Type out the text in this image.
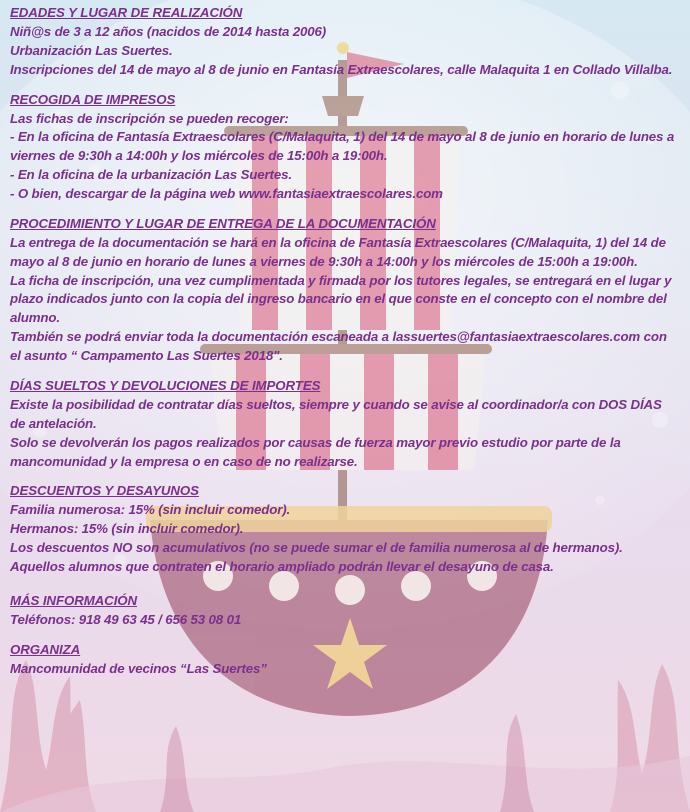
EDADES Y LUGAR DE REALIZACIÓN
Niñ@s de 3 a 12 años (nacidos de 2014 hasta 2006)
Urbanización Las Suertes.
Inscripciones del 14 de mayo al 8 de junio en Fantasía Extraescolares, calle Malaquita 1 en Collado Villalba.
RECOGIDA DE IMPRESOS
Las fichas de inscripción se pueden recoger:
- En la oficina de Fantasía Extraescolares (C/Malaquita, 1) del 14 de mayo al 8 de junio en horario de lunes a viernes de 9:30h a 14:00h y los miércoles de 15:00h a 19:00h.
- En la oficina de la urbanización Las Suertes.
- O bien, descargar de la página web www.fantasiaextraescolares.com
PROCEDIMIENTO Y LUGAR DE ENTREGA DE LA DOCUMENTACIÓN
La entrega de la documentación se hará en la oficina de Fantasía Extraescolares (C/Malaquita, 1) del 14 de mayo al 8 de junio en horario de lunes a viernes de 9:30h a 14:00h y los miércoles de 15:00h a 19:00h.
La ficha de inscripción, una vez cumplimentada y firmada por los tutores legales, se entregará en el lugar y plazo indicados junto con la copia del ingreso bancario en el que conste en el concepto con el nombre del alumno.
También se podrá enviar toda la documentación escaneada a lassuertes@fantasiaextraescolares.com con el asunto “ Campamento Las Suertes 2018".
DÍAS SUELTOS Y DEVOLUCIONES DE IMPORTES
Existe la posibilidad de contratar días sueltos, siempre y cuando se avise al coordinador/a con DOS DÍAS de antelación.
Solo se devolverán los pagos realizados por causas de fuerza mayor previo estudio por parte de la mancomunidad y la empresa o en caso de no realizarse.
DESCUENTOS Y DESAYUNOS
Familia numerosa: 15% (sin incluir comedor).
Hermanos: 15% (sin incluir comedor).
Los descuentos NO son acumulativos (no se puede sumar el de familia numerosa al de hermanos).
Aquellos alumnos que contraten el horario ampliado podrán llevar el desayuno de casa.
MÁS INFORMACIÓN
Teléfonos: 918 49 63 45 / 656 53 08 01
ORGANIZA
Mancomunidad de vecinos “Las Suertes”
